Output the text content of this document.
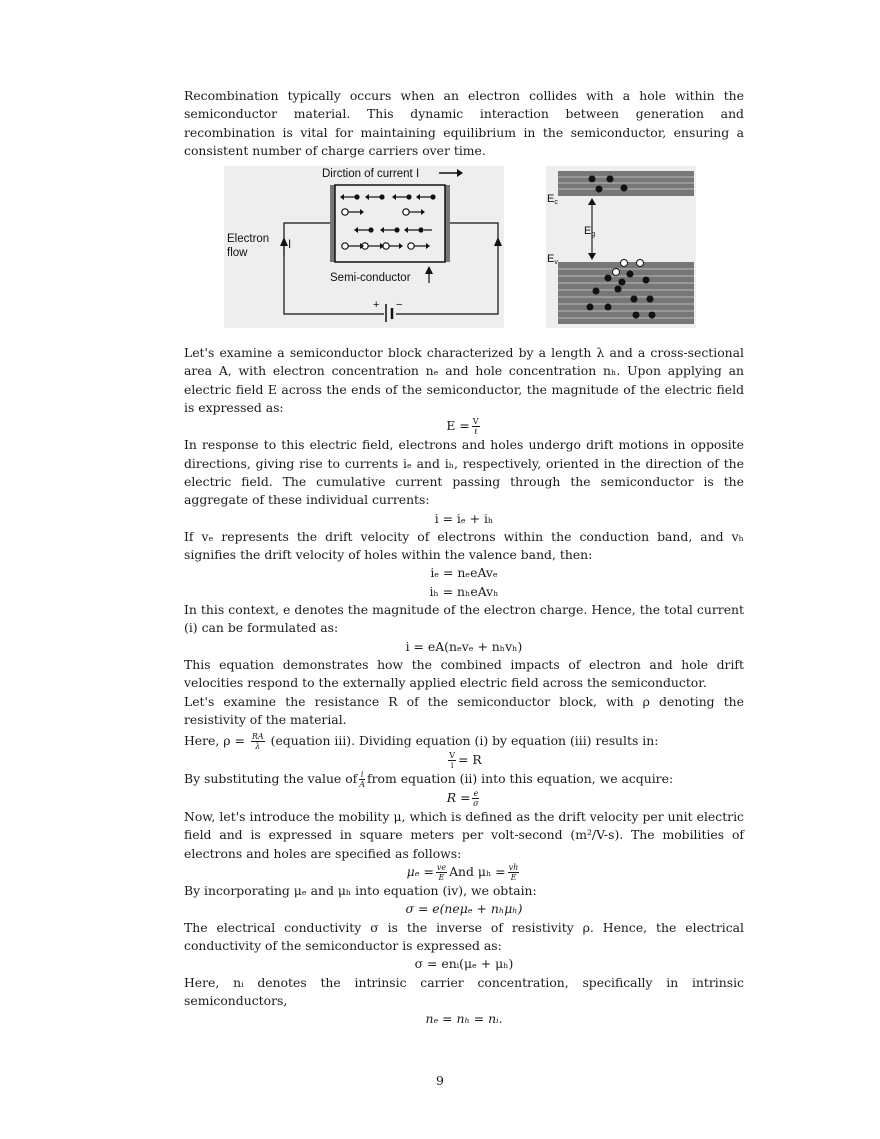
Recombination typically occurs when an electron collides with a hole within the semiconductor material. This dynamic interaction between generation and recombination is vital for maintaining equilibrium in the semiconductor, ensuring a consistent number of charge carriers over time.

Dirction of current I
+ −
Electron
flow
I
Semi-conductor
Ec
Eg
Ev

Let's examine a semiconductor block characterized by a length λ and a cross-sectional area A, with electron concentration nₑ and hole concentration nₕ. Upon applying an electric field E across the ends of the semiconductor, the magnitude of the electric field is expressed as:

$E = \frac{V}{\text{ℓ}}$

In response to this electric field, electrons and holes undergo drift motions in opposite directions, giving rise to currents iₑ and iₕ, respectively, oriented in the direction of the electric field. The cumulative current passing through the semiconductor is the aggregate of these individual currents:

i = iₑ + iₕ

If vₑ represents the drift velocity of electrons within the conduction band, and vₕ signifies the drift velocity of holes within the valence band, then:

iₑ = nₑeAvₑ

iₕ = nₕeAvₕ

In this context, e denotes the magnitude of the electron charge. Hence, the total current (i) can be formulated as:

i = eA(nₑvₑ + nₕvₕ)

This equation demonstrates how the combined impacts of electron and hole drift velocities respond to the externally applied electric field across the semiconductor.

Let's examine the resistance R of the semiconductor block, with ρ denoting the resistivity of the material.

Here, $\rho = \frac{RA}{\lambda}$ (equation iii). Dividing equation (i) by equation (iii) results in:

$\frac{V}{i} = R$

By substituting the value of $\frac{i}{A}$ from equation (ii) into this equation, we acquire:

$R = \frac{e}{\sigma}$

Now, let's introduce the mobility μ, which is defined as the drift velocity per unit electric field and is expressed in square meters per volt-second (m²/V-s). The mobilities of electrons and holes are specified as follows:

$\mu_e = \frac{ve}{E}$ And $\mu_h = \frac{vh}{E}$

By incorporating μₑ and μₕ into equation (iv), we obtain:

σ = e(neμₑ + nₕμₕ)

The electrical conductivity σ is the inverse of resistivity ρ. Hence, the electrical conductivity of the semiconductor is expressed as:

σ = enᵢ(μₑ + μₕ)

Here, nᵢ denotes the intrinsic carrier concentration, specifically in intrinsic semiconductors,

nₑ = nₕ = nᵢ.

9
